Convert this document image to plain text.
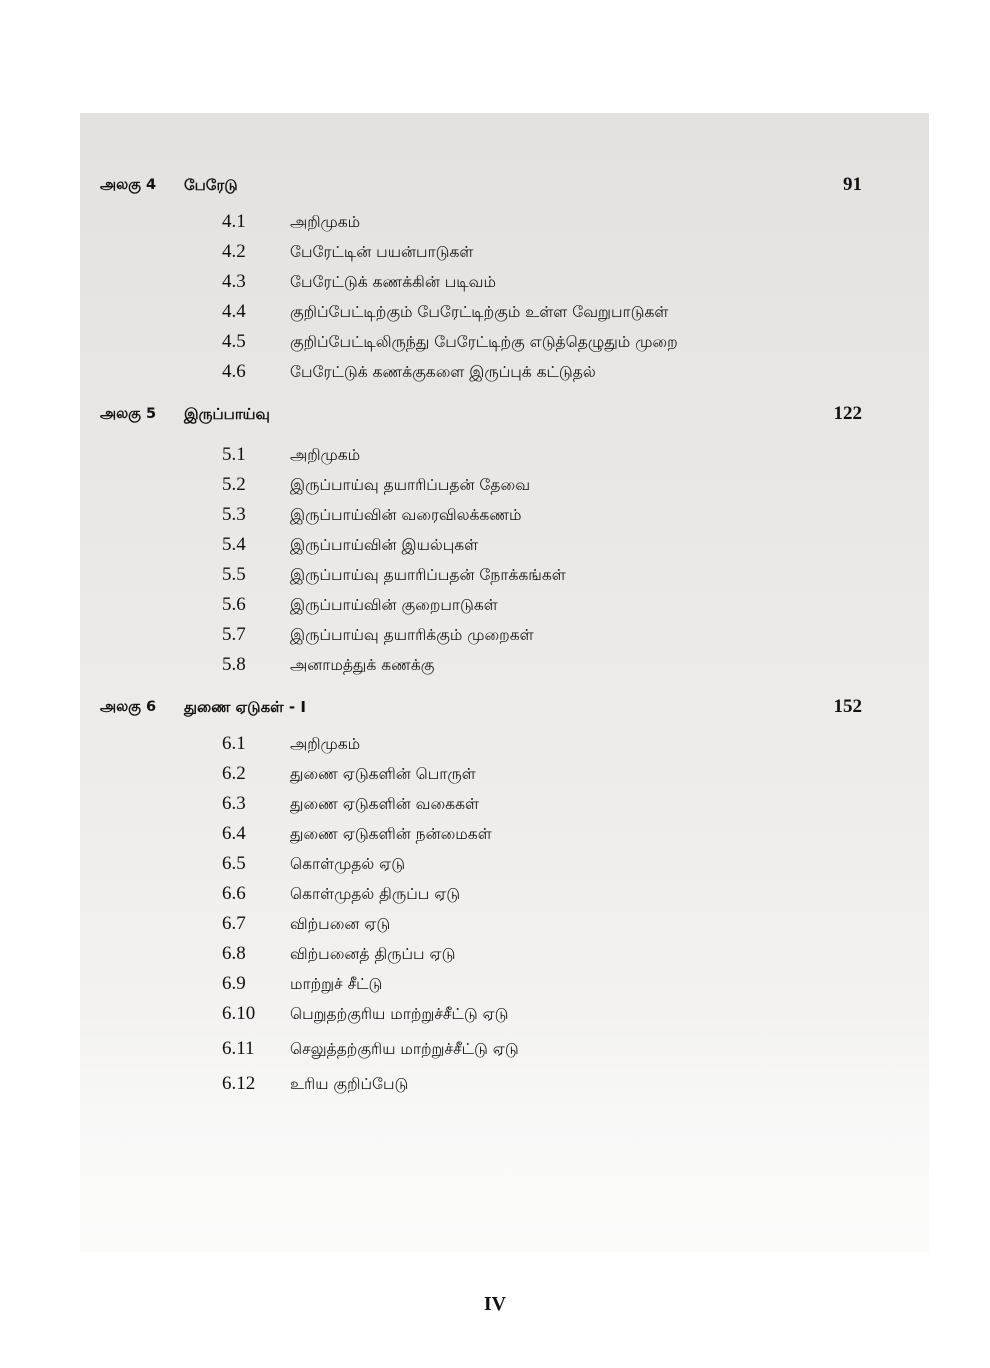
அலகு 4 பேரேடு	91
4.1	அறிமுகம்
4.2	பேரேட்டின் பயன்பாடுகள்
4.3	பேரேட்டுக் கணக்கின் படிவம்
4.4	குறிப்பேட்டிற்கும் பேரேட்டிற்கும் உள்ள வேறுபாடுகள்
4.5	குறிப்பேட்டிலிருந்து பேரேட்டிற்கு எடுத்தெழுதும் முறை
4.6	பேரேட்டுக் கணக்குகளை இருப்புக் கட்டுதல்
அலகு 5 இருப்பாய்வு	122
5.1	அறிமுகம்
5.2	இருப்பாய்வு தயாரிப்பதன் தேவை
5.3	இருப்பாய்வின் வரைவிலக்கணம்
5.4	இருப்பாய்வின் இயல்புகள்
5.5	இருப்பாய்வு தயாரிப்பதன் நோக்கங்கள்
5.6	இருப்பாய்வின் குறைபாடுகள்
5.7	இருப்பாய்வு தயாரிக்கும் முறைகள்
5.8	அனாமத்துக் கணக்கு
அலகு 6 துணை ஏடுகள் - I	152
6.1	அறிமுகம்
6.2	துணை ஏடுகளின் பொருள்
6.3	துணை ஏடுகளின் வகைகள்
6.4	துணை ஏடுகளின் நன்மைகள்
6.5	கொள்முதல் ஏடு
6.6	கொள்முதல் திருப்ப ஏடு
6.7	விற்பனை ஏடு
6.8	விற்பனைத் திருப்ப ஏடு
6.9	மாற்றுச் சீட்டு
6.10 பெறுதற்குரிய மாற்றுச்சீட்டு ஏடு
6.11 செலுத்தற்குரிய மாற்றுச்சீட்டு ஏடு
6.12 உரிய குறிப்பேடு
IV
